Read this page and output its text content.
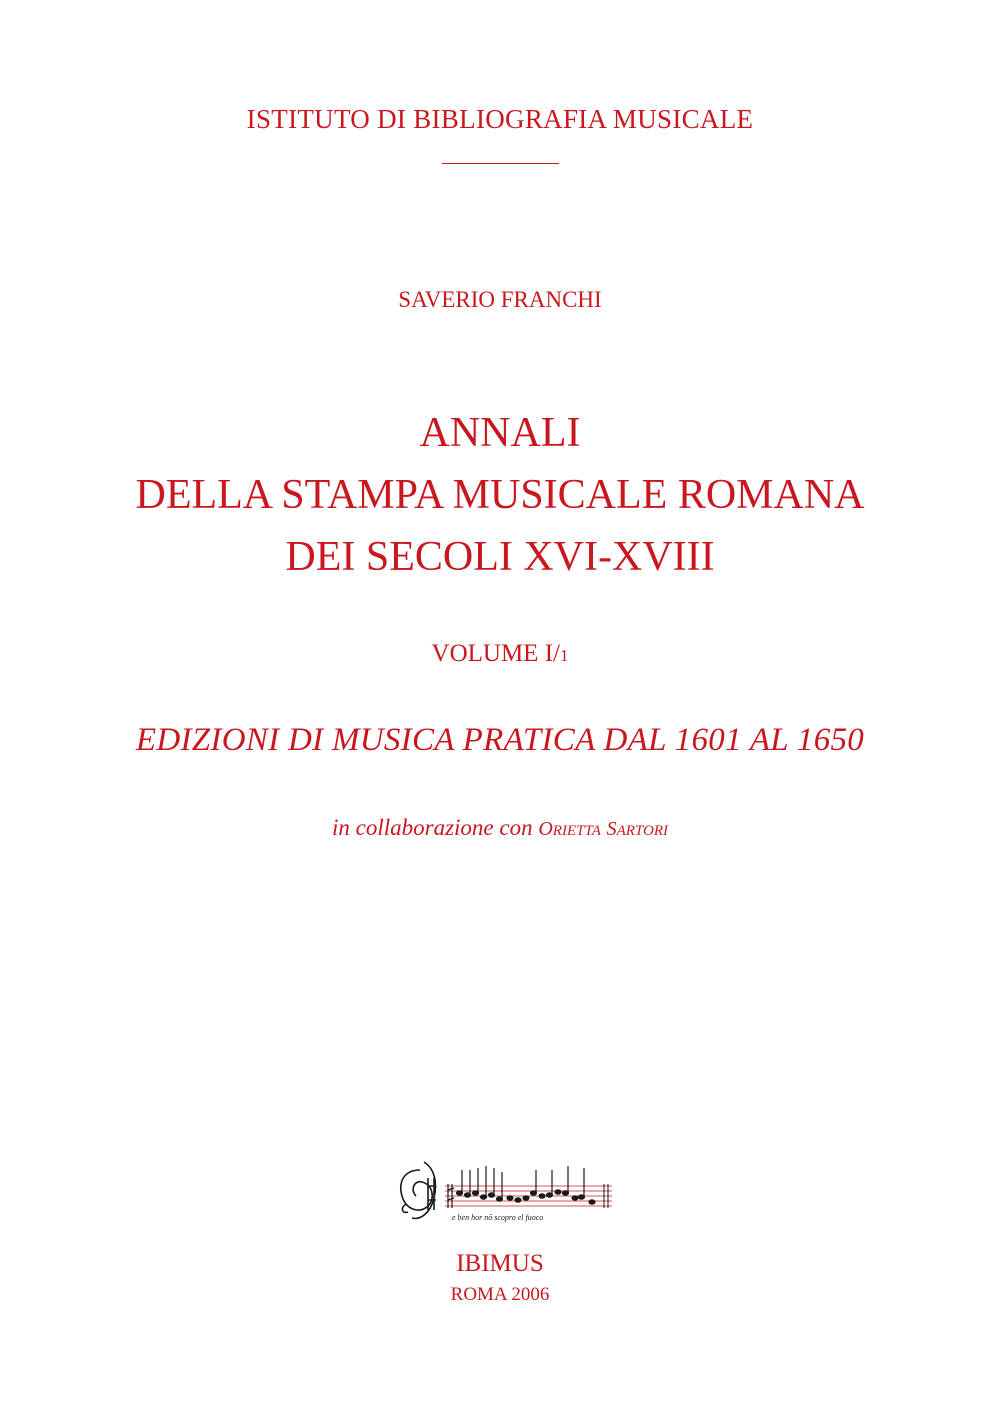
ISTITUTO DI BIBLIOGRAFIA MUSICALE
SAVERIO FRANCHI
ANNALI
DELLA STAMPA MUSICALE ROMANA
DEI SECOLI XVI-XVIII
VOLUME I/1
EDIZIONI DI MUSICA PRATICA DAL 1601 AL 1650
in collaborazione con ORIETTA SARTORI
e ben hor nō scopro el fuoco
IBIMUS
ROMA 2006
